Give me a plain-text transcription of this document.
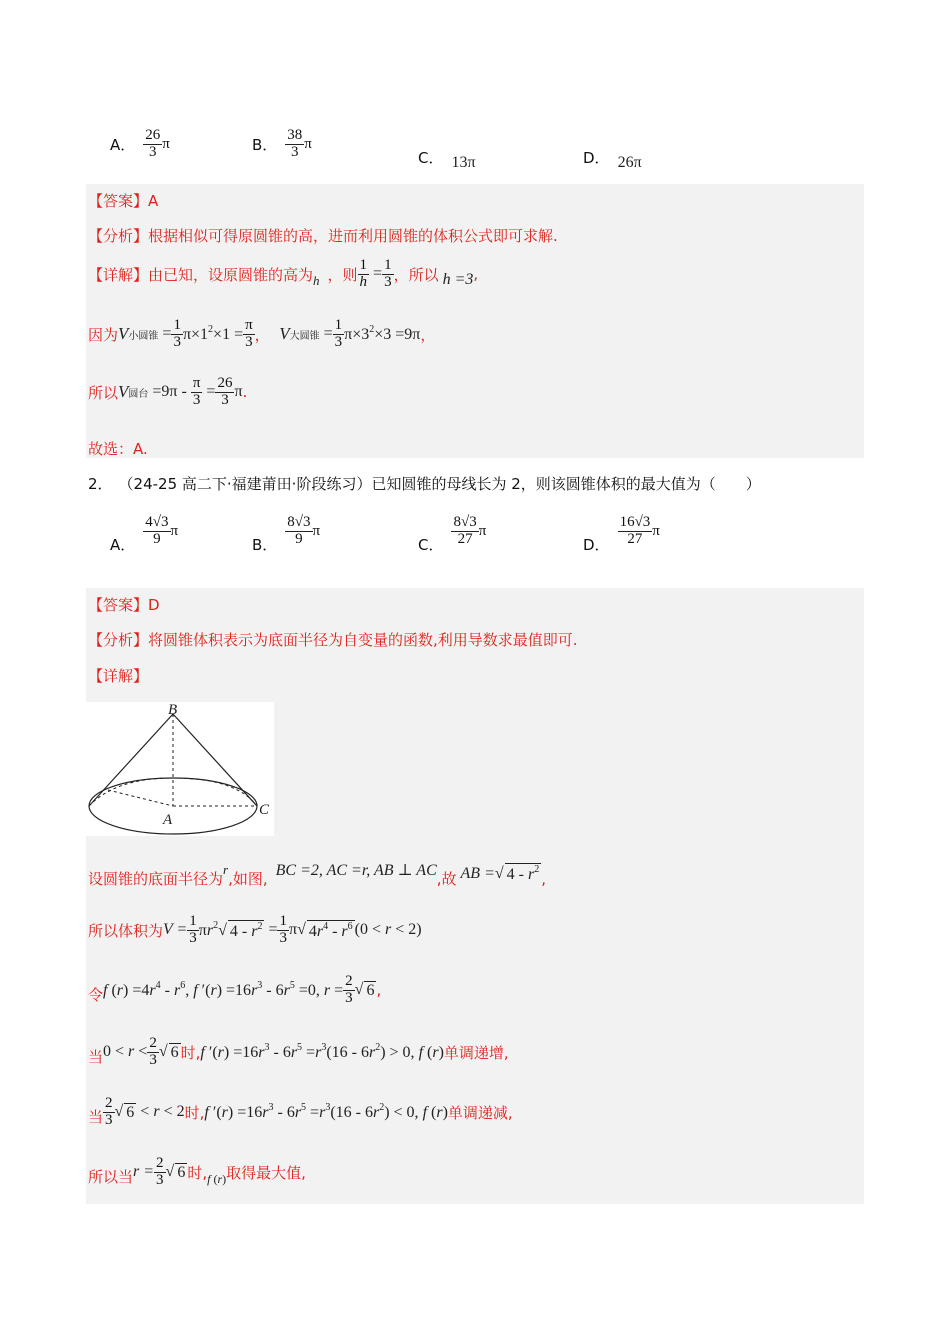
A． $\frac{26}{3}$ π	B． $\frac{38}{3}$ π
C． 13π	D． 26π
【答案】 A
【分析】 根据相似可得原圆锥的高，进而利用圆锥的体积公式即可求解.
【详解】 由已知，设原圆锥的高为 h ，则 $\frac{1}{h} = \frac{1}{3}$ ，所以 h =3 ,
因为 V 小圆锥 = $\frac{1}{3} \pi\times 1^2\times 1 = \frac{\pi}{3}$ ， V 大圆锥 = $\frac{1}{3} \pi\times 3^2\times 3 =9\pi$ ，
所以 V 圆台 $=9\pi - \frac{\pi}{3} = \frac{26}{3}$ π .
故选：A.
2． （24-25 高二下·福建莆田·阶段练习） 已知圆锥的母线长为 2，则该圆锥体积的最大值为（　　）
A． $\frac{4√3}{9}$ π
B． $\frac{8√3}{9}$ π
C． $\frac{8√3}{27}$ π
D． $\frac{16√3}{27}$ π
【答案】 D
【分析】 将圆锥体积表示为底面半径为自变量的函数,利用导数求最值即可.
【详解】
B
A
C
设圆锥的底面半径为
r
,如图, BC =2, AC =r, AB ⊥ AC ,故 AB = √ $4 - r^2$ ,
所以体积为 $V = \frac{1}{3} \pi r^2√$ $4 - r^2 = \frac{1}{3} \pi√$ $4r^4 - r^6$ (0 < r < 2)
令 f $(r) =4r^4 - r^6$, f $'(r) =16r^3 - 6r^5 =0$, $r = \frac{2}{3}$ √ 6 ,
当 $0 < r < \frac{2}{3}$ √ 6 时, f $'(r) =16r^3 - 6r^5 =r^3(16 - 6r^2) > 0$, f (r) 单调递增,
当 $\frac{2}{3}$ √ 6 < r < 2 时, f $'(r) =16r^3 - 6r^5 =r^3(16 - 6r^2) < 0$, f (r) 单调递减,
所以当 $r = \frac{2}{3}$ √ 6 时, f (r) 取得最大值,
